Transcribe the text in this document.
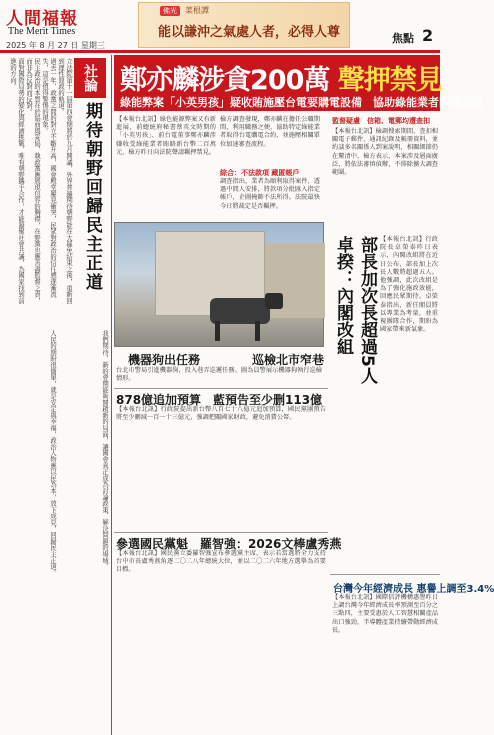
人間福報
The Merit Times
2025 年 8 月 27 日 星期三
佛光	菜根譚
能以謙沖之氣處人者，必得人尊	焦點 2
社論
期待朝野回歸民主正道
立法院第十一屆第四會期將於九月開議，外界普遍期待朝野能在大罷免結束之後，重新回到理性問政的軌道。
過去一年，政黨之間的對立不斷升高，國會殿堂屢見衝突，民眾對政治的信任感逐漸流失，這是值得警惕的現象。
民主政治的本質在於協商與妥協，執政黨應展現包容的胸襟，在野黨也應善盡監督之責，而非為反對而反對。
面對國際局勢的變化與經濟挑戰，唯有朝野攜手合作，才能凝聚社會共識，為國家找到前進的方向。
我們期待，新的會期能夠開啟新的局面，讓國會真正成為討論政策、解決問題的場域。
人民的期盼很簡單，就是安定與幸福，政治人物應以民為本，放下成見，回歸民主正道。
鄭亦麟涉貪200萬 聲押禁見
綠能弊案「小英男孩」疑收賄施壓台電要購電設備　協助綠能業者開設公司
【本報台北訊】綠色能源弊案又有新進展，前總統府秘書蔡英文時期的「小英男孩」、前台電董事鄭亦麟涉嫌收受綠能業者賄賂新台幣二百萬元，檢方昨日向法院聲請羈押禁見。
檢方調查發現，鄭亦麟在擔任公職期間，利用職務之便，協助特定綠能業者取得台電購電合約，並施壓相關單位加速審查流程。
綜合：不法款項 藏匿帳戶
調查指出，業者為順利取得案件，透過中間人安排，將款項分批匯入指定帳戶，企圖掩飾不法所得。法院最快今日將裁定是否羈押。
監督疑慮　信箱、電郵均遭查扣
【本報台北訊】檢調搜索期間，查扣相關電子郵件、通訊紀錄及帳冊資料，並約談多名關係人到案說明，相關細節仍在釐清中。檢方表示，本案涉及層面廣泛，將依法審慎偵辦，不排除擴大調查範圍。
機器狗出任務	巡檢北市窄巷
台北市警局引進機器狗，投入巷弄巡邏任務。圖為員警展示機器狗執行巡檢情形。
卓揆：內閣改組 部長加次長超過5人 【本報台北訊】行政院長卓榮泰昨日表示，內閣改組將在近日公布，部長加上次長人數將超過五人。他強調，此次改組是為了強化施政效能，回應民眾期待。卓榮泰指出，新任閣員將以專業為考量，並重視團隊合作，期盼為國家帶來新氣象。
878億追加預算　藍預告至少删113億
【本報台北訊】行政院提出新台幣八百七十八億元追加預算，國民黨團預告將至少刪減一百一十三億元，強調把關國家財政，避免浪費公帑。
參選國民黨魁　羅智強：2026文棒盧秀燕
【本報台北訊】國民黨立委羅智強宣布參選黨主席，表示若當選將全力支持台中市長盧秀燕角逐二〇二八年總統大位，並以二〇二六年地方選舉為首要目標。
台灣今年經濟成長 惠譽上調至3.4%
【本報台北訊】國際信評機構惠譽昨日上調台灣今年經濟成長率預測至百分之三點四，主要受惠於人工智慧相關產品出口強勁，半導體產業持續帶動經濟成長。
